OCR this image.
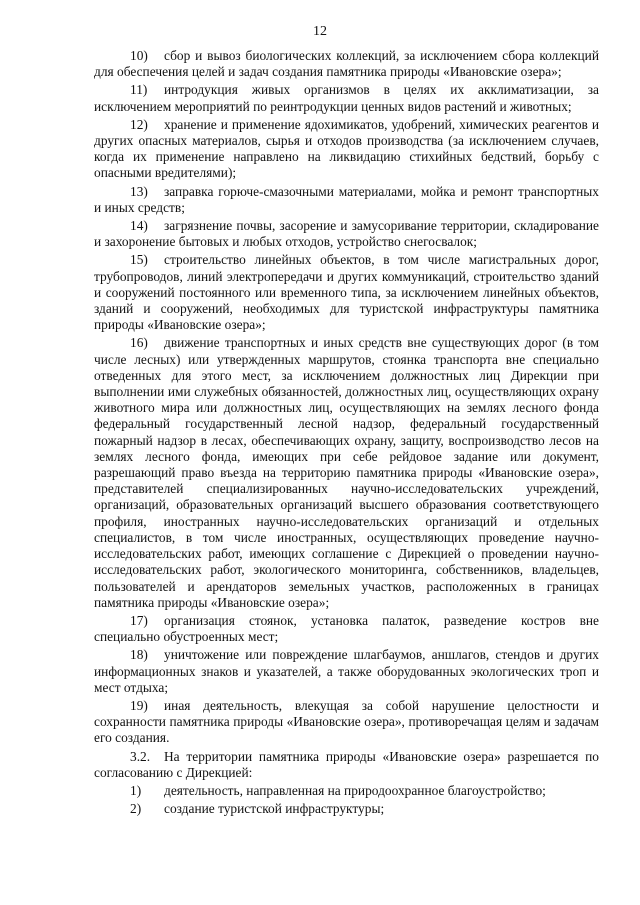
12

10) сбор и вывоз биологических коллекций, за исключением сбора коллекций для обеспечения целей и задач создания памятника природы «Ивановские озера»;

11) интродукция живых организмов в целях их акклиматизации, за исключением мероприятий по реинтродукции ценных видов растений и животных;

12) хранение и применение ядохимикатов, удобрений, химических реагентов и других опасных материалов, сырья и отходов производства (за исключением случаев, когда их применение направлено на ликвидацию стихийных бедствий, борьбу с опасными вредителями);

13) заправка горюче-смазочными материалами, мойка и ремонт транспортных и иных средств;

14) загрязнение почвы, засорение и замусоривание территории, складирование и захоронение бытовых и любых отходов, устройство снегосвалок;

15) строительство линейных объектов, в том числе магистральных дорог, трубопроводов, линий электропередачи и других коммуникаций, строительство зданий и сооружений постоянного или временного типа, за исключением линейных объектов, зданий и сооружений, необходимых для туристской инфраструктуры памятника природы «Ивановские озера»;

16) движение транспортных и иных средств вне существующих дорог (в том числе лесных) или утвержденных маршрутов, стоянка транспорта вне специально отведенных для этого мест, за исключением должностных лиц Дирекции при выполнении ими служебных обязанностей, должностных лиц, осуществляющих охрану животного мира или должностных лиц, осуществляющих на землях лесного фонда федеральный государственный лесной надзор, федеральный государственный пожарный надзор в лесах, обеспечивающих охрану, защиту, воспроизводство лесов на землях лесного фонда, имеющих при себе рейдовое задание или документ, разрешающий право въезда на территорию памятника природы «Ивановские озера», представителей специализированных научно-исследовательских учреждений, организаций, образовательных организаций высшего образования соответствующего профиля, иностранных научно-исследовательских организаций и отдельных специалистов, в том числе иностранных, осуществляющих проведение научно-исследовательских работ, имеющих соглашение с Дирекцией о проведении научно-исследовательских работ, экологического мониторинга, собственников, владельцев, пользователей и арендаторов земельных участков, расположенных в границах памятника природы «Ивановские озера»;

17) организация стоянок, установка палаток, разведение костров вне специально обустроенных мест;

18) уничтожение или повреждение шлагбаумов, аншлагов, стендов и других информационных знаков и указателей, а также оборудованных экологических троп и мест отдыха;

19) иная деятельность, влекущая за собой нарушение целостности и сохранности памятника природы «Ивановские озера», противоречащая целям и задачам его создания.

3.2. На территории памятника природы «Ивановские озера» разрешается по согласованию с Дирекцией:

1) деятельность, направленная на природоохранное благоустройство;

2) создание туристской инфраструктуры;
